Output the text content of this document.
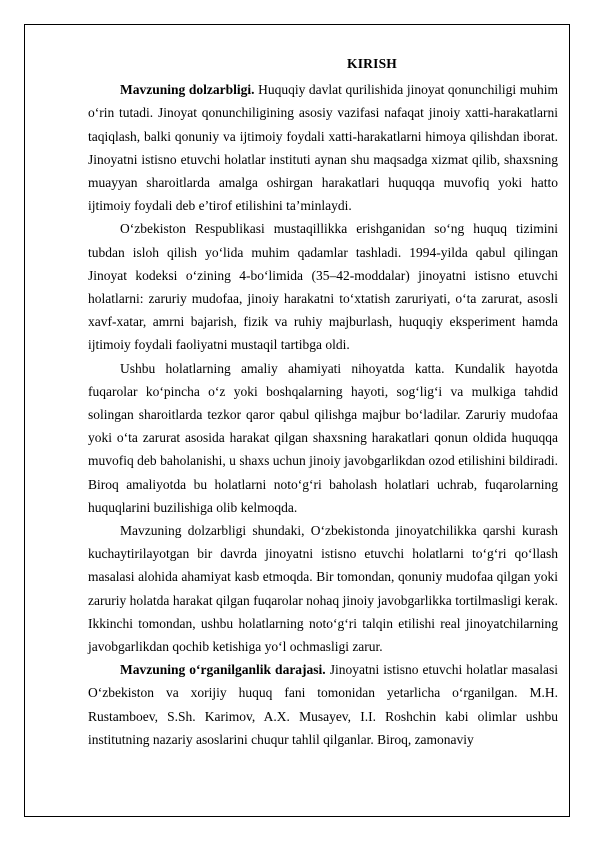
KIRISH

Mavzuning dolzarbligi. Huquqiy davlat qurilishida jinoyat qonunchiligi muhim o‘rin tutadi. Jinoyat qonunchiligining asosiy vazifasi nafaqat jinoiy xatti-harakatlarni taqiqlash, balki qonuniy va ijtimoiy foydali xatti-harakatlarni himoya qilishdan iborat. Jinoyatni istisno etuvchi holatlar instituti aynan shu maqsadga xizmat qilib, shaxsning muayyan sharoitlarda amalga oshirgan harakatlari huquqqa muvofiq yoki hatto ijtimoiy foydali deb e’tirof etilishini ta’minlaydi.

O‘zbekiston Respublikasi mustaqillikka erishganidan so‘ng huquq tizimini tubdan isloh qilish yo‘lida muhim qadamlar tashladi. 1994-yilda qabul qilingan Jinoyat kodeksi o‘zining 4-bo‘limida (35–42-moddalar) jinoyatni istisno etuvchi holatlarni: zaruriy mudofaa, jinoiy harakatni to‘xtatish zaruriyati, o‘ta zarurat, asosli xavf-xatar, amrni bajarish, fizik va ruhiy majburlash, huquqiy eksperiment hamda ijtimoiy foydali faoliyatni mustaqil tartibga oldi.

Ushbu holatlarning amaliy ahamiyati nihoyatda katta. Kundalik hayotda fuqarolar ko‘pincha o‘z yoki boshqalarning hayoti, sog‘lig‘i va mulkiga tahdid solingan sharoitlarda tezkor qaror qabul qilishga majbur bo‘ladilar. Zaruriy mudofaa yoki o‘ta zarurat asosida harakat qilgan shaxsning harakatlari qonun oldida huquqqa muvofiq deb baholanishi, u shaxs uchun jinoiy javobgarlikdan ozod etilishini bildiradi. Biroq amaliyotda bu holatlarni noto‘g‘ri baholash holatlari uchrab, fuqarolarning huquqlarini buzilishiga olib kelmoqda.

Mavzuning dolzarbligi shundaki, O‘zbekistonda jinoyatchilikka qarshi kurash kuchaytirilayotgan bir davrda jinoyatni istisno etuvchi holatlarni to‘g‘ri qo‘llash masalasi alohida ahamiyat kasb etmoqda. Bir tomondan, qonuniy mudofaa qilgan yoki zaruriy holatda harakat qilgan fuqarolar nohaq jinoiy javobgarlikka tortilmasligi kerak. Ikkinchi tomondan, ushbu holatlarning noto‘g‘ri talqin etilishi real jinoyatchilarning javobgarlikdan qochib ketishiga yo‘l ochmasligi zarur.

Mavzuning o‘rganilganlik darajasi. Jinoyatni istisno etuvchi holatlar masalasi O‘zbekiston va xorijiy huquq fani tomonidan yetarlicha o‘rganilgan. M.H. Rustamboev, S.Sh. Karimov, A.X. Musayev, I.I. Roshchin kabi olimlar ushbu institutning nazariy asoslarini chuqur tahlil qilganlar. Biroq, zamonaviy
